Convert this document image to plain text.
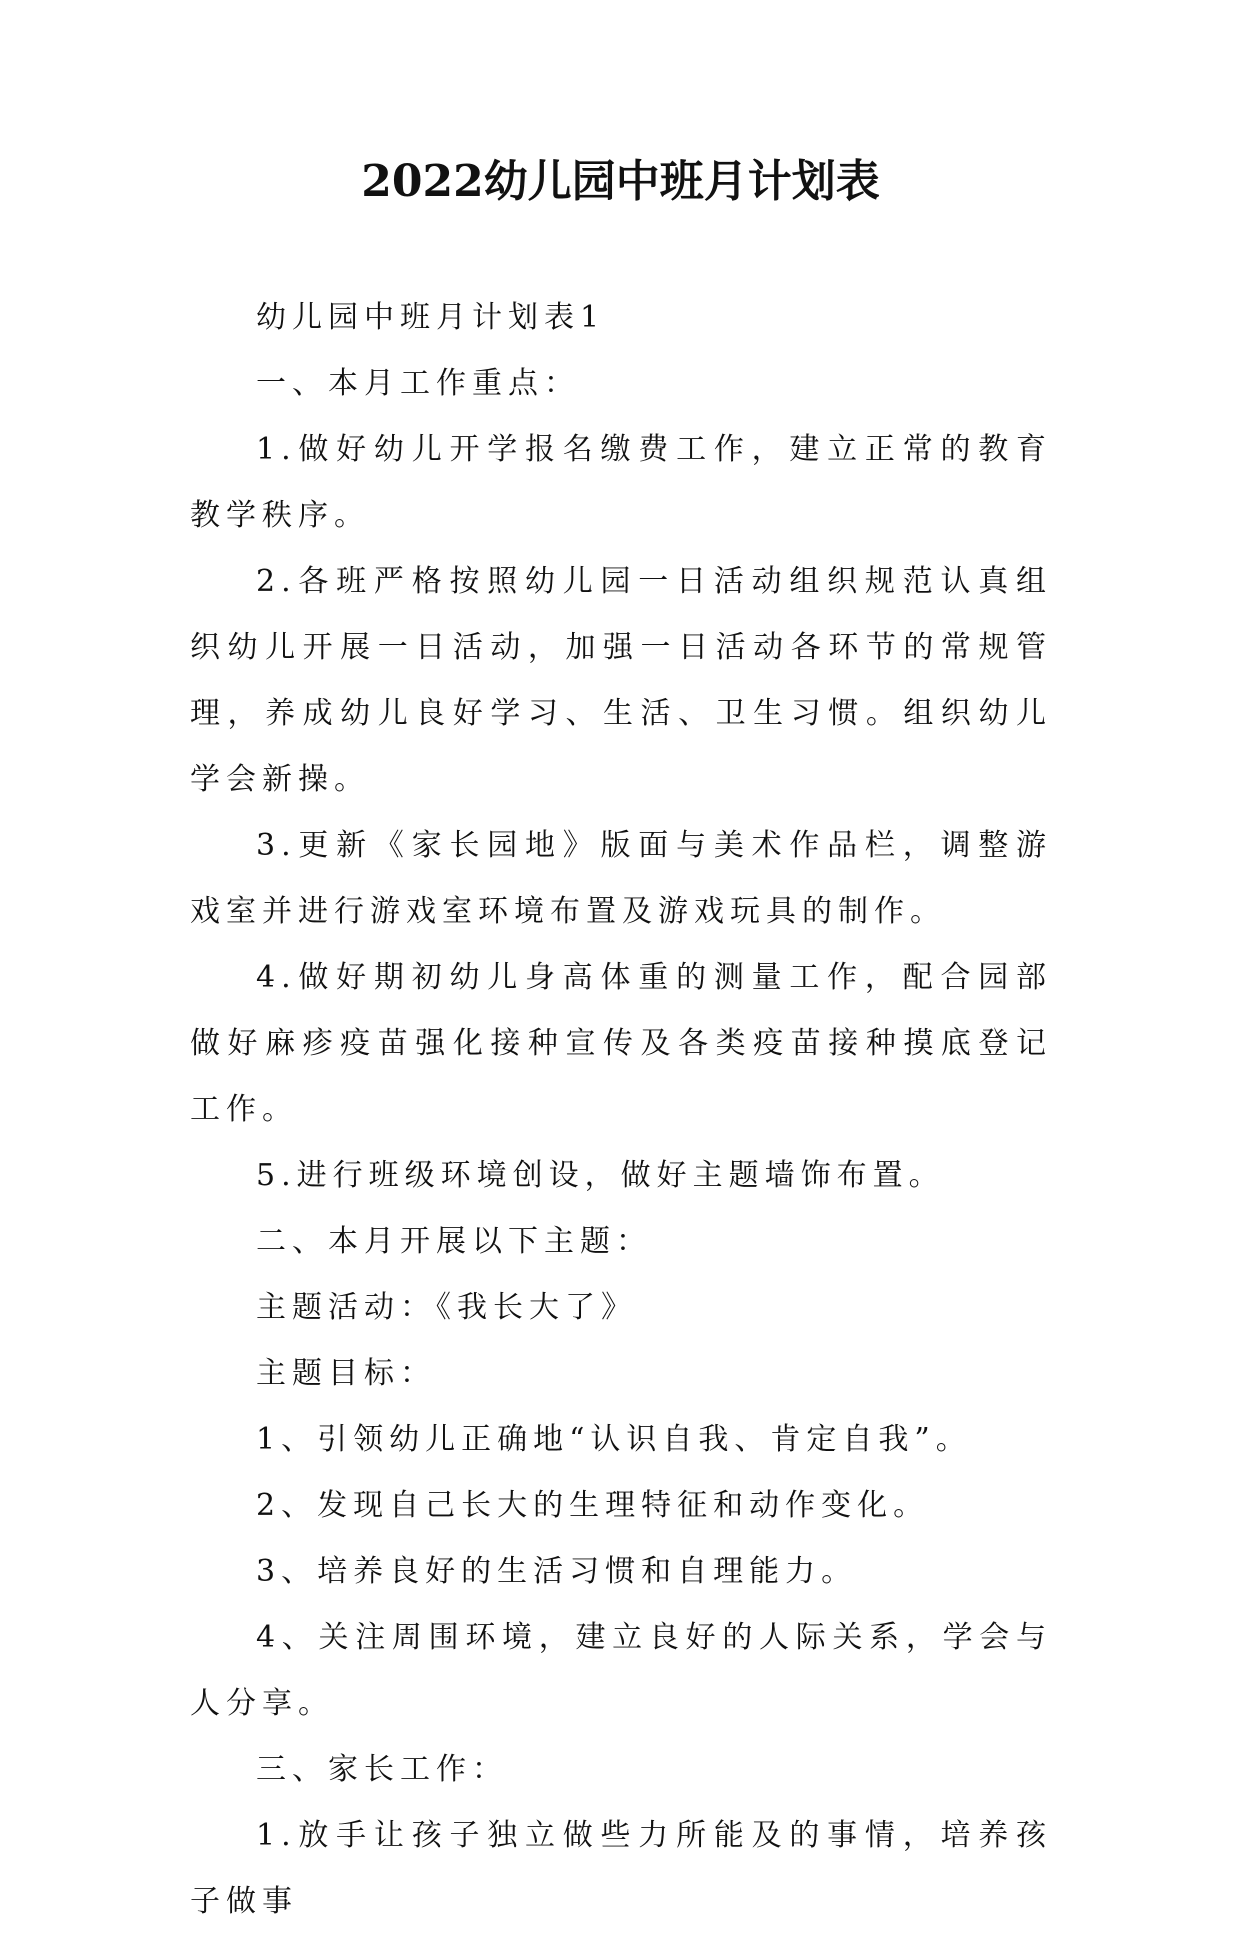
2022幼儿园中班月计划表

幼儿园中班月计划表1

一、本月工作重点：

1.做好幼儿开学报名缴费工作，建立正常的教育教学秩序。

2.各班严格按照幼儿园一日活动组织规范认真组织幼儿开展一日活动，加强一日活动各环节的常规管理，养成幼儿良好学习、生活、卫生习惯。组织幼儿学会新操。

3.更新《家长园地》版面与美术作品栏，调整游戏室并进行游戏室环境布置及游戏玩具的制作。

4.做好期初幼儿身高体重的测量工作，配合园部做好麻疹疫苗强化接种宣传及各类疫苗接种摸底登记工作。

5.进行班级环境创设，做好主题墙饰布置。

二、本月开展以下主题：

主题活动：《我长大了》

主题目标：

1、引领幼儿正确地“认识自我、肯定自我”。

2、发现自己长大的生理特征和动作变化。

3、培养良好的生活习惯和自理能力。

4、关注周围环境，建立良好的人际关系，学会与人分享。

三、家长工作：

1.放手让孩子独立做些力所能及的事情，培养孩子做事
